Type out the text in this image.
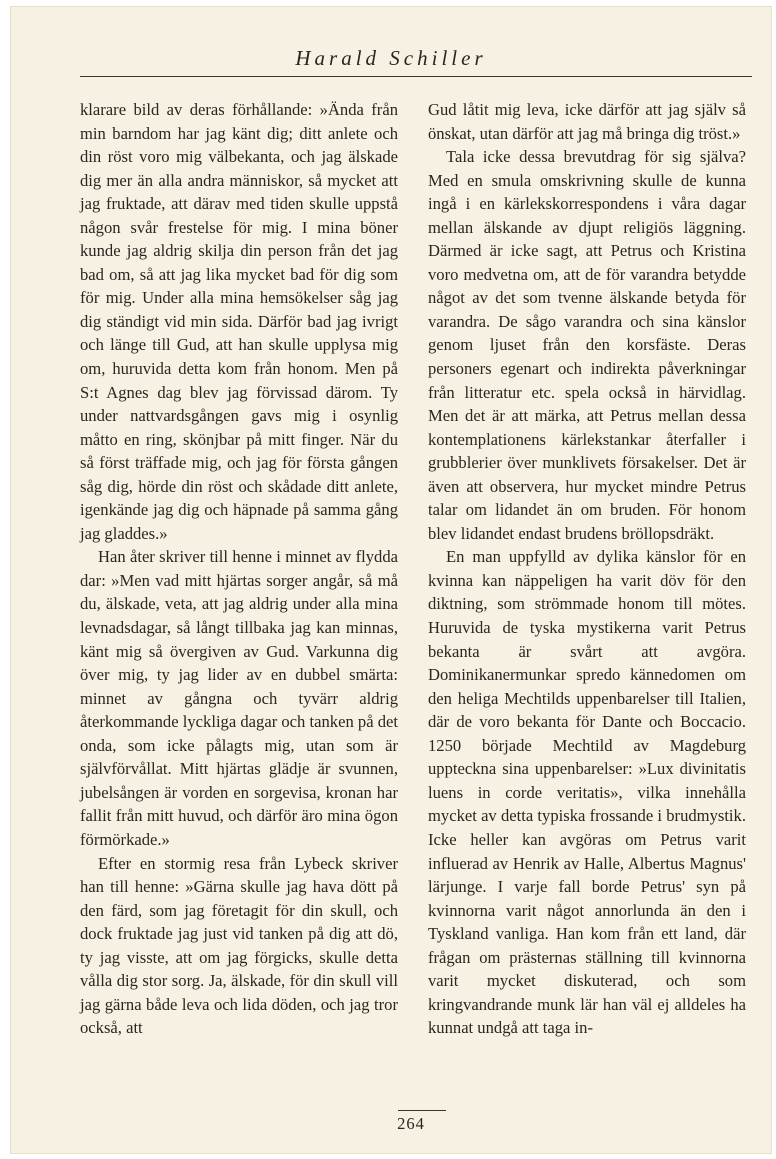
Harald Schiller

klarare bild av deras förhållande: »Ända från min barndom har jag känt dig; ditt anlete och din röst voro mig välbekanta, och jag älskade dig mer än alla andra människor, så mycket att jag fruktade, att därav med tiden skulle uppstå någon svår frestelse för mig. I mina böner kunde jag aldrig skilja din person från det jag bad om, så att jag lika mycket bad för dig som för mig. Under alla mina hemsökelser såg jag dig ständigt vid min sida. Därför bad jag ivrigt och länge till Gud, att han skulle upplysa mig om, huruvida detta kom från honom. Men på S:t Agnes dag blev jag förvissad därom. Ty under nattvardsgången gavs mig i osynlig måtto en ring, skönjbar på mitt finger. När du så först träffade mig, och jag för första gången såg dig, hörde din röst och skådade ditt anlete, igenkände jag dig och häpnade på samma gång jag gladdes.»

Han åter skriver till henne i minnet av flydda dar: »Men vad mitt hjärtas sorger angår, så må du, älskade, veta, att jag aldrig under alla mina levnadsdagar, så långt tillbaka jag kan minnas, känt mig så övergiven av Gud. Varkunna dig över mig, ty jag lider av en dubbel smärta: minnet av gångna och tyvärr aldrig återkommande lyckliga dagar och tanken på det onda, som icke pålagts mig, utan som är självförvållat. Mitt hjärtas glädje är svunnen, jubelsången är vorden en sorgevisa, kronan har fallit från mitt huvud, och därför äro mina ögon förmörkade.»

Efter en stormig resa från Lybeck skriver han till henne: »Gärna skulle jag hava dött på den färd, som jag företagit för din skull, och dock fruktade jag just vid tanken på dig att dö, ty jag visste, att om jag förgicks, skulle detta vålla dig stor sorg. Ja, älskade, för din skull vill jag gärna både leva och lida döden, och jag tror också, att

Gud låtit mig leva, icke därför att jag själv så önskat, utan därför att jag må bringa dig tröst.»

Tala icke dessa brevutdrag för sig själva? Med en smula omskrivning skulle de kunna ingå i en kärlekskorrespondens i våra dagar mellan älskande av djupt religiös läggning. Därmed är icke sagt, att Petrus och Kristina voro medvetna om, att de för varandra betydde något av det som tvenne älskande betyda för varandra. De sågo varandra och sina känslor genom ljuset från den korsfäste. Deras personers egenart och indirekta påverkningar från litteratur etc. spela också in härvidlag. Men det är att märka, att Petrus mellan dessa kontemplationens kärlekstankar återfaller i grubblerier över munklivets försakelser. Det är även att observera, hur mycket mindre Petrus talar om lidandet än om bruden. För honom blev lidandet endast brudens bröllopsdräkt.

En man uppfylld av dylika känslor för en kvinna kan näppeligen ha varit döv för den diktning, som strömmade honom till mötes. Huruvida de tyska mystikerna varit Petrus bekanta är svårt att avgöra. Dominikanermunkar spredo kännedomen om den heliga Mechtilds uppenbarelser till Italien, där de voro bekanta för Dante och Boccacio. 1250 började Mechtild av Magdeburg uppteckna sina uppenbarelser: »Lux divinitatis luens in corde veritatis», vilka innehålla mycket av detta typiska frossande i brudmystik. Icke heller kan avgöras om Petrus varit influerad av Henrik av Halle, Albertus Magnus' lärjunge. I varje fall borde Petrus' syn på kvinnorna varit något annorlunda än den i Tyskland vanliga. Han kom från ett land, där frågan om prästernas ställning till kvinnorna varit mycket diskuterad, och som kringvandrande munk lär han väl ej alldeles ha kunnat undgå att taga in-

264
